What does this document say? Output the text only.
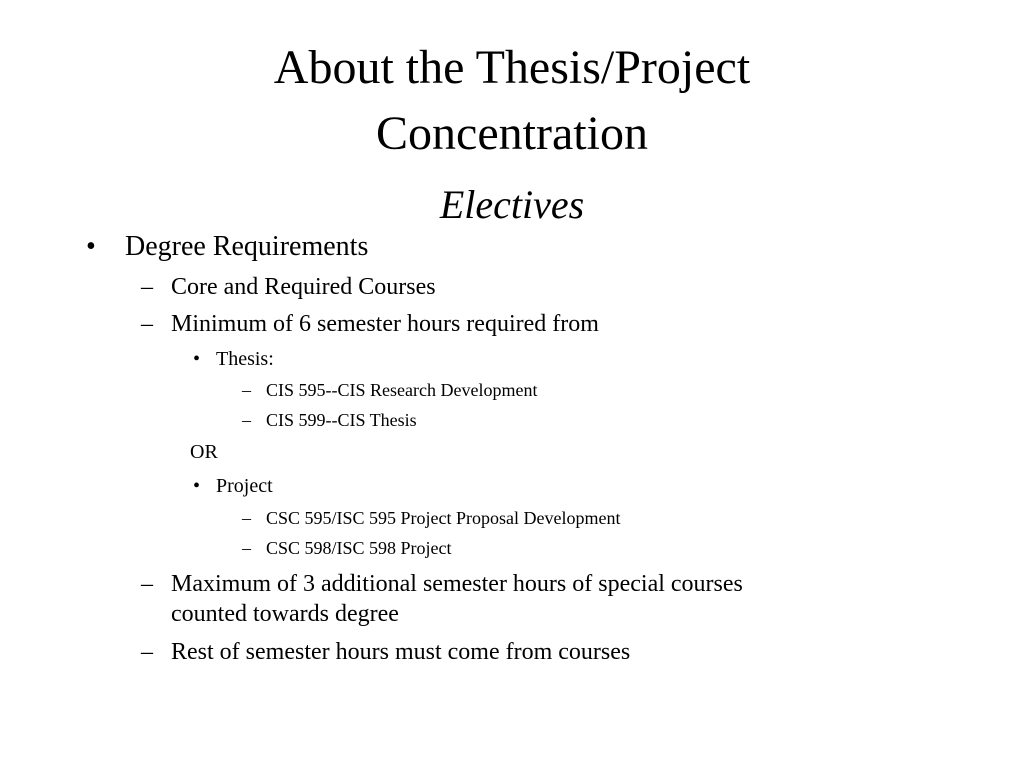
About the Thesis/Project
Concentration
Electives
• Degree Requirements
– Core and Required Courses
– Minimum of 6 semester hours required from
• Thesis:
– CIS 595--CIS Research Development
– CIS 599--CIS Thesis
OR
• Project
– CSC 595/ISC 595 Project Proposal Development
– CSC 598/ISC 598 Project
– Maximum of 3 additional semester hours of special courses
counted towards degree
– Rest of semester hours must come from courses
